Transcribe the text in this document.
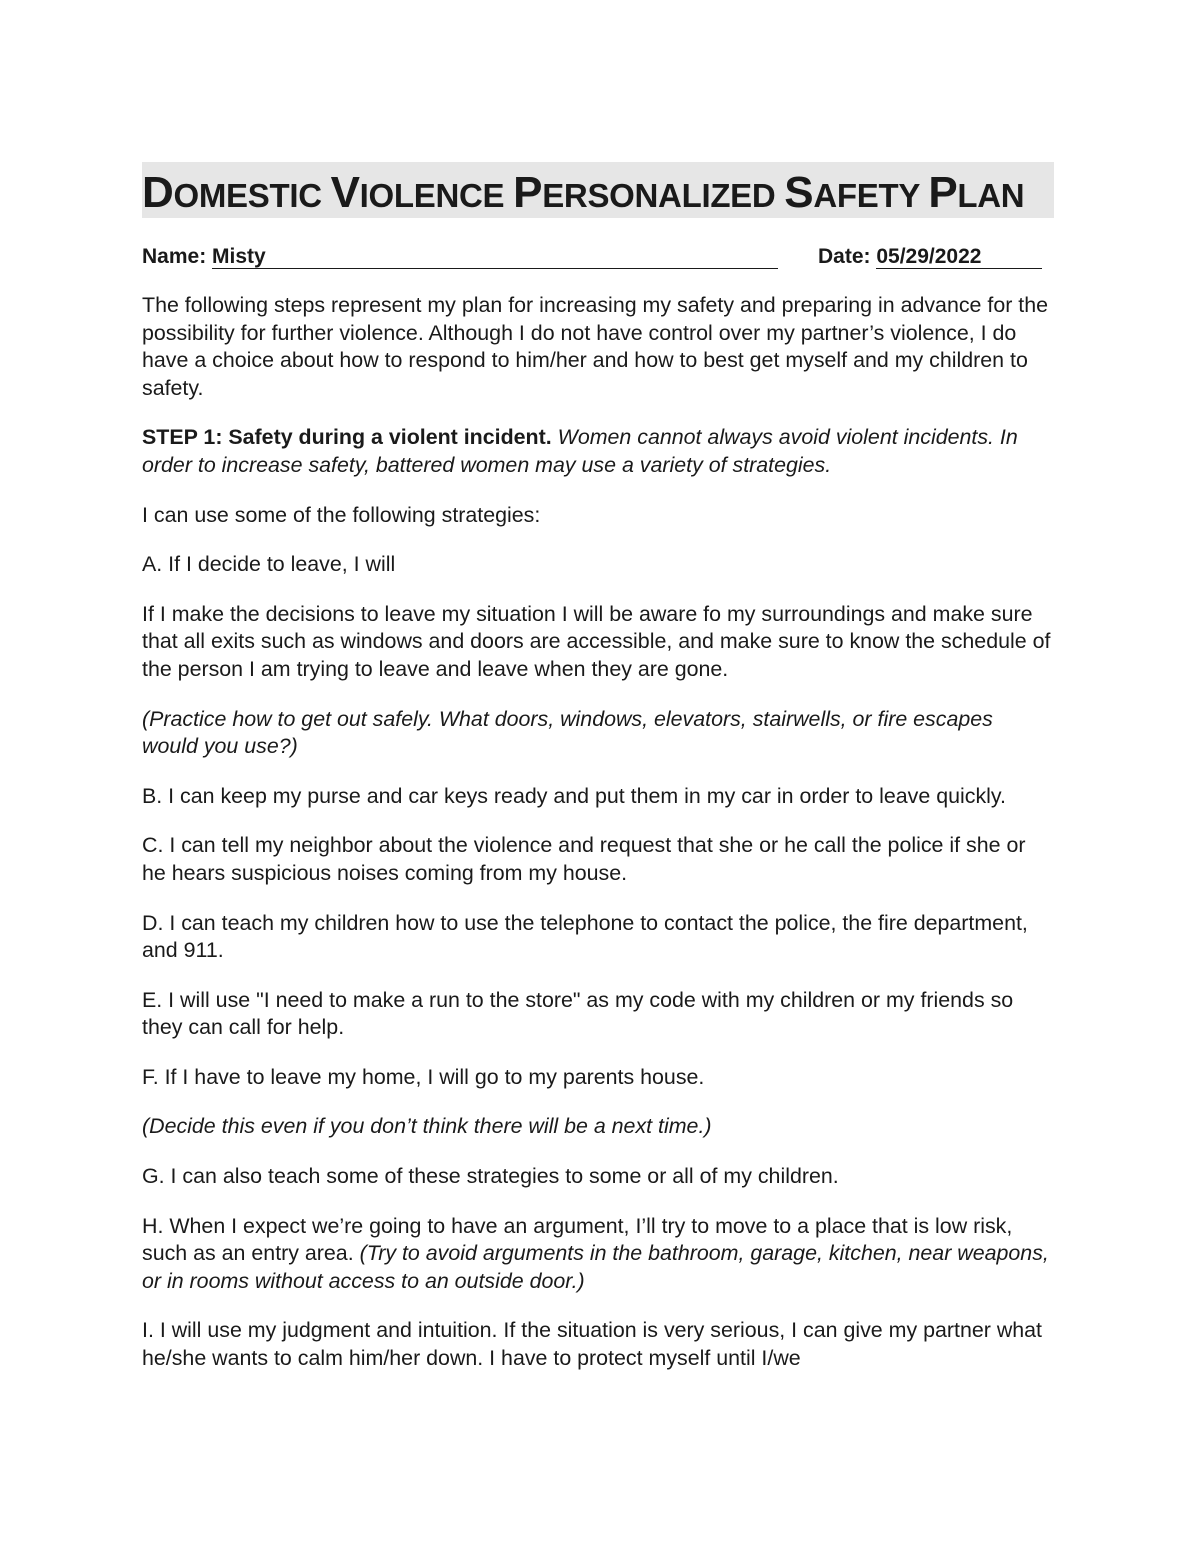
DOMESTIC VIOLENCE PERSONALIZED SAFETY PLAN
Name: Misty	Date: 05/29/2022

The following steps represent my plan for increasing my safety and preparing in advance for the possibility for further violence. Although I do not have control over my partner’s violence, I do have a choice about how to respond to him/her and how to best get myself and my children to safety.

STEP 1: Safety during a violent incident. Women cannot always avoid violent incidents. In order to increase safety, battered women may use a variety of strategies.

I can use some of the following strategies:

A. If I decide to leave, I will

If I make the decisions to leave my situation I will be aware fo my surroundings and make sure that all exits such as windows and doors are accessible, and make sure to know the schedule of the person I am trying to leave and leave when they are gone.

(Practice how to get out safely. What doors, windows, elevators, stairwells, or fire escapes would you use?)

B. I can keep my purse and car keys ready and put them in my car in order to leave quickly.

C. I can tell my neighbor about the violence and request that she or he call the police if she or he hears suspicious noises coming from my house.

D. I can teach my children how to use the telephone to contact the police, the fire department, and 911.

E. I will use "I need to make a run to the store" as my code with my children or my friends so they can call for help.

F. If I have to leave my home, I will go to my parents house.

(Decide this even if you don’t think there will be a next time.)

G. I can also teach some of these strategies to some or all of my children.

H. When I expect we’re going to have an argument, I’ll try to move to a place that is low risk, such as an entry area. (Try to avoid arguments in the bathroom, garage, kitchen, near weapons, or in rooms without access to an outside door.)

I. I will use my judgment and intuition. If the situation is very serious, I can give my partner what he/she wants to calm him/her down. I have to protect myself until I/we
